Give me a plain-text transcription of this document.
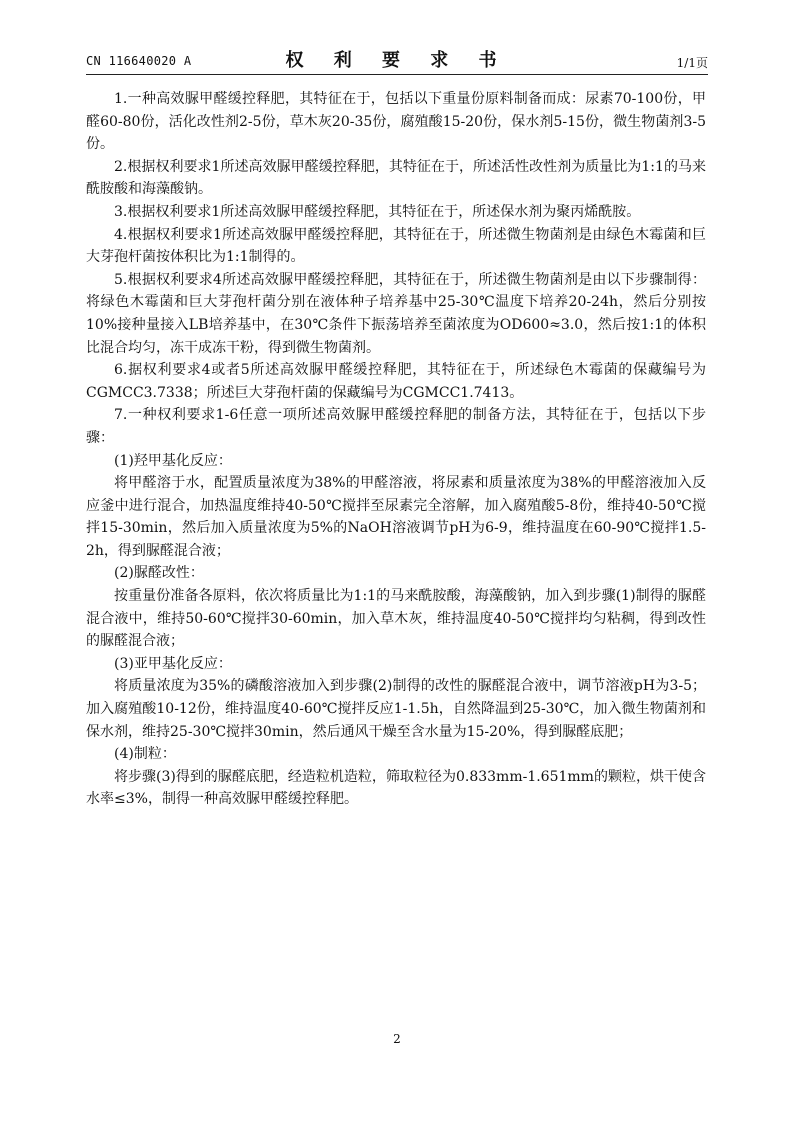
CN 116640020 A	权 利 要 求 书	1/1页

1.一种高效脲甲醛缓控释肥，其特征在于，包括以下重量份原料制备而成：尿素70-100份，甲醛60-80份，活化改性剂2-5份，草木灰20-35份，腐殖酸15-20份，保水剂5-15份，微生物菌剂3-5份。

2.根据权利要求1所述高效脲甲醛缓控释肥，其特征在于，所述活性改性剂为质量比为1:1的马来酰胺酸和海藻酸钠。

3.根据权利要求1所述高效脲甲醛缓控释肥，其特征在于，所述保水剂为聚丙烯酰胺。

4.根据权利要求1所述高效脲甲醛缓控释肥，其特征在于，所述微生物菌剂是由绿色木霉菌和巨大芽孢杆菌按体积比为1:1制得的。

5.根据权利要求4所述高效脲甲醛缓控释肥，其特征在于，所述微生物菌剂是由以下步骤制得：将绿色木霉菌和巨大芽孢杆菌分别在液体种子培养基中25-30℃温度下培养20-24h，然后分别按10%接种量接入LB培养基中，在30℃条件下振荡培养至菌浓度为OD600≈3.0，然后按1:1的体积比混合均匀，冻干成冻干粉，得到微生物菌剂。

6.据权利要求4或者5所述高效脲甲醛缓控释肥，其特征在于，所述绿色木霉菌的保藏编号为CGMCC3.7338；所述巨大芽孢杆菌的保藏编号为CGMCC1.7413。

7.一种权利要求1-6任意一项所述高效脲甲醛缓控释肥的制备方法，其特征在于，包括以下步骤：

(1)羟甲基化反应：

将甲醛溶于水，配置质量浓度为38%的甲醛溶液，将尿素和质量浓度为38%的甲醛溶液加入反应釜中进行混合，加热温度维持40-50℃搅拌至尿素完全溶解，加入腐殖酸5-8份，维持40-50℃搅拌15-30min，然后加入质量浓度为5%的NaOH溶液调节pH为6-9，维持温度在60-90℃搅拌1.5-2h，得到脲醛混合液；

(2)脲醛改性：

按重量份准备各原料，依次将质量比为1:1的马来酰胺酸，海藻酸钠，加入到步骤(1)制得的脲醛混合液中，维持50-60℃搅拌30-60min，加入草木灰，维持温度40-50℃搅拌均匀粘稠，得到改性的脲醛混合液；

(3)亚甲基化反应：

将质量浓度为35%的磷酸溶液加入到步骤(2)制得的改性的脲醛混合液中，调节溶液pH为3-5；加入腐殖酸10-12份，维持温度40-60℃搅拌反应1-1.5h，自然降温到25-30℃，加入微生物菌剂和保水剂，维持25-30℃搅拌30min，然后通风干燥至含水量为15-20%，得到脲醛底肥；

(4)制粒：

将步骤(3)得到的脲醛底肥，经造粒机造粒，筛取粒径为0.833mm-1.651mm的颗粒，烘干使含水率≤3%，制得一种高效脲甲醛缓控释肥。

2
